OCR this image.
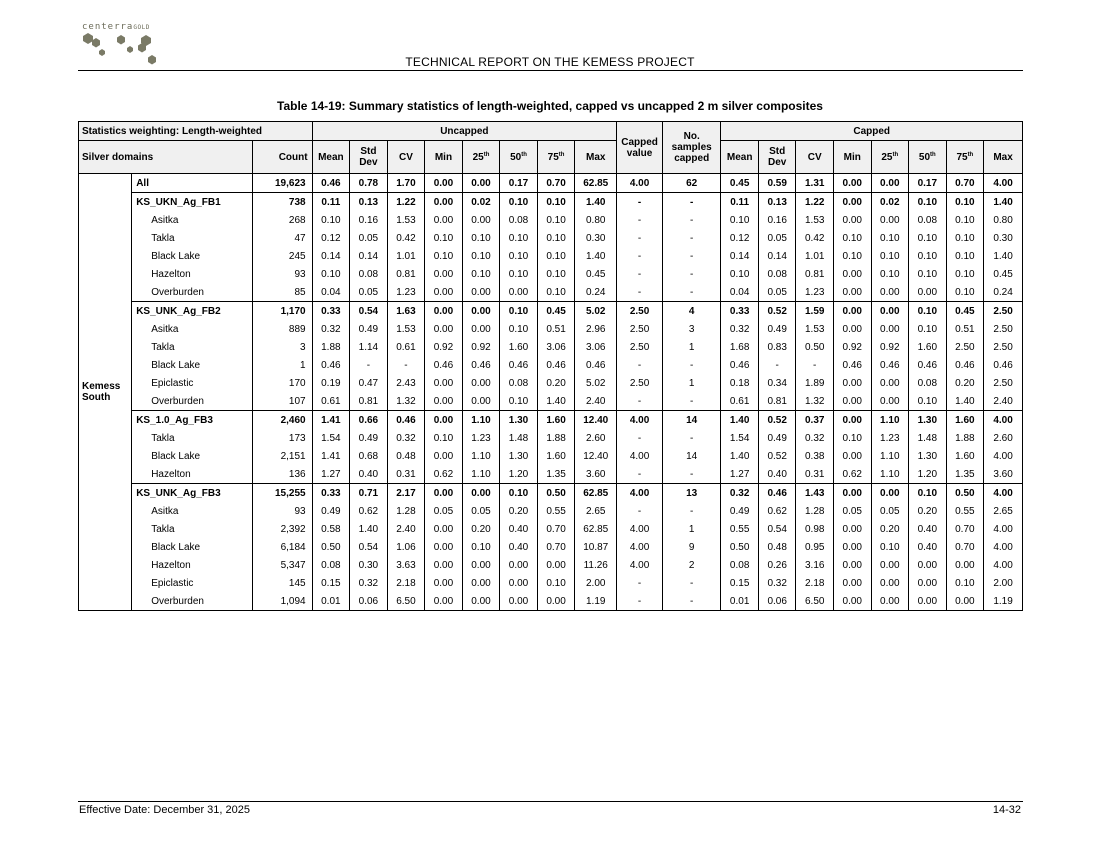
centerraGOLD
TECHNICAL REPORT ON THE KEMESS PROJECT
Table 14-19: Summary statistics of length-weighted, capped vs uncapped 2 m silver composites
Statistics weighting: Length-weighted			Uncapped								Capped value	No. samples capped	Capped							
Silver domains		Count	Mean	Std Dev	CV	Min	25th	50th	75th	Max			Mean	Std Dev	CV	Min	25th	50th	75th	Max
Kemess South	All	19,623	0.46	0.78	1.70	0.00	0.00	0.17	0.70	62.85	4.00	62	0.45	0.59	1.31	0.00	0.00	0.17	0.70	4.00
	KS_UKN_Ag_FB1	738	0.11	0.13	1.22	0.00	0.02	0.10	0.10	1.40	-	-	0.11	0.13	1.22	0.00	0.02	0.10	0.10	1.40
	Asitka	268	0.10	0.16	1.53	0.00	0.00	0.08	0.10	0.80	-	-	0.10	0.16	1.53	0.00	0.00	0.08	0.10	0.80
	Takla	47	0.12	0.05	0.42	0.10	0.10	0.10	0.10	0.30	-	-	0.12	0.05	0.42	0.10	0.10	0.10	0.10	0.30
	Black Lake	245	0.14	0.14	1.01	0.10	0.10	0.10	0.10	1.40	-	-	0.14	0.14	1.01	0.10	0.10	0.10	0.10	1.40
	Hazelton	93	0.10	0.08	0.81	0.00	0.10	0.10	0.10	0.45	-	-	0.10	0.08	0.81	0.00	0.10	0.10	0.10	0.45
	Overburden	85	0.04	0.05	1.23	0.00	0.00	0.00	0.10	0.24	-	-	0.04	0.05	1.23	0.00	0.00	0.00	0.10	0.24
	KS_UNK_Ag_FB2	1,170	0.33	0.54	1.63	0.00	0.00	0.10	0.45	5.02	2.50	4	0.33	0.52	1.59	0.00	0.00	0.10	0.45	2.50
	Asitka	889	0.32	0.49	1.53	0.00	0.00	0.10	0.51	2.96	2.50	3	0.32	0.49	1.53	0.00	0.00	0.10	0.51	2.50
	Takla	3	1.88	1.14	0.61	0.92	0.92	1.60	3.06	3.06	2.50	1	1.68	0.83	0.50	0.92	0.92	1.60	2.50	2.50
	Black Lake	1	0.46	-	-	0.46	0.46	0.46	0.46	0.46	-	-	0.46	-	-	0.46	0.46	0.46	0.46	0.46
	Epiclastic	170	0.19	0.47	2.43	0.00	0.00	0.08	0.20	5.02	2.50	1	0.18	0.34	1.89	0.00	0.00	0.08	0.20	2.50
	Overburden	107	0.61	0.81	1.32	0.00	0.00	0.10	1.40	2.40	-	-	0.61	0.81	1.32	0.00	0.00	0.10	1.40	2.40
	KS_1.0_Ag_FB3	2,460	1.41	0.66	0.46	0.00	1.10	1.30	1.60	12.40	4.00	14	1.40	0.52	0.37	0.00	1.10	1.30	1.60	4.00
	Takla	173	1.54	0.49	0.32	0.10	1.23	1.48	1.88	2.60	-	-	1.54	0.49	0.32	0.10	1.23	1.48	1.88	2.60
	Black Lake	2,151	1.41	0.68	0.48	0.00	1.10	1.30	1.60	12.40	4.00	14	1.40	0.52	0.38	0.00	1.10	1.30	1.60	4.00
	Hazelton	136	1.27	0.40	0.31	0.62	1.10	1.20	1.35	3.60	-	-	1.27	0.40	0.31	0.62	1.10	1.20	1.35	3.60
	KS_UNK_Ag_FB3	15,255	0.33	0.71	2.17	0.00	0.00	0.10	0.50	62.85	4.00	13	0.32	0.46	1.43	0.00	0.00	0.10	0.50	4.00
	Asitka	93	0.49	0.62	1.28	0.05	0.05	0.20	0.55	2.65	-	-	0.49	0.62	1.28	0.05	0.05	0.20	0.55	2.65
	Takla	2,392	0.58	1.40	2.40	0.00	0.20	0.40	0.70	62.85	4.00	1	0.55	0.54	0.98	0.00	0.20	0.40	0.70	4.00
	Black Lake	6,184	0.50	0.54	1.06	0.00	0.10	0.40	0.70	10.87	4.00	9	0.50	0.48	0.95	0.00	0.10	0.40	0.70	4.00
	Hazelton	5,347	0.08	0.30	3.63	0.00	0.00	0.00	0.00	11.26	4.00	2	0.08	0.26	3.16	0.00	0.00	0.00	0.00	4.00
	Epiclastic	145	0.15	0.32	2.18	0.00	0.00	0.00	0.10	2.00	-	-	0.15	0.32	2.18	0.00	0.00	0.00	0.10	2.00
	Overburden	1,094	0.01	0.06	6.50	0.00	0.00	0.00	0.00	1.19	-	-	0.01	0.06	6.50	0.00	0.00	0.00	0.00	1.19
Effective Date: December 31, 2025	14-32
